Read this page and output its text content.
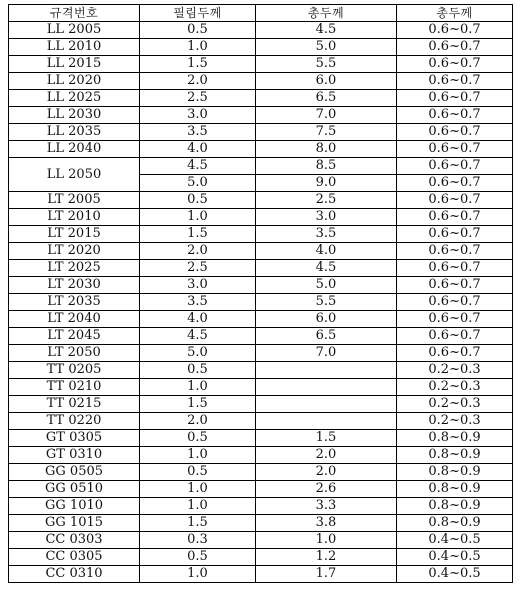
규격번호	필림두께	총두께	총두께
LL 2005	0.5	4.5	0.6~0.7
LL 2010	1.0	5.0	0.6~0.7
LL 2015	1.5	5.5	0.6~0.7
LL 2020	2.0	6.0	0.6~0.7
LL 2025	2.5	6.5	0.6~0.7
LL 2030	3.0	7.0	0.6~0.7
LL 2035	3.5	7.5	0.6~0.7
LL 2040	4.0	8.0	0.6~0.7
LL 2050	4.5	8.5	0.6~0.7
	5.0	9.0	0.6~0.7
LT 2005	0.5	2.5	0.6~0.7
LT 2010	1.0	3.0	0.6~0.7
LT 2015	1.5	3.5	0.6~0.7
LT 2020	2.0	4.0	0.6~0.7
LT 2025	2.5	4.5	0.6~0.7
LT 2030	3.0	5.0	0.6~0.7
LT 2035	3.5	5.5	0.6~0.7
LT 2040	4.0	6.0	0.6~0.7
LT 2045	4.5	6.5	0.6~0.7
LT 2050	5.0	7.0	0.6~0.7
TT 0205	0.5		0.2~0.3
TT 0210	1.0		0.2~0.3
TT 0215	1.5		0.2~0.3
TT 0220	2.0		0.2~0.3
GT 0305	0.5	1.5	0.8~0.9
GT 0310	1.0	2.0	0.8~0.9
GG 0505	0.5	2.0	0.8~0.9
GG 0510	1.0	2.6	0.8~0.9
GG 1010	1.0	3.3	0.8~0.9
GG 1015	1.5	3.8	0.8~0.9
CC 0303	0.3	1.0	0.4~0.5
CC 0305	0.5	1.2	0.4~0.5
CC 0310	1.0	1.7	0.4~0.5
